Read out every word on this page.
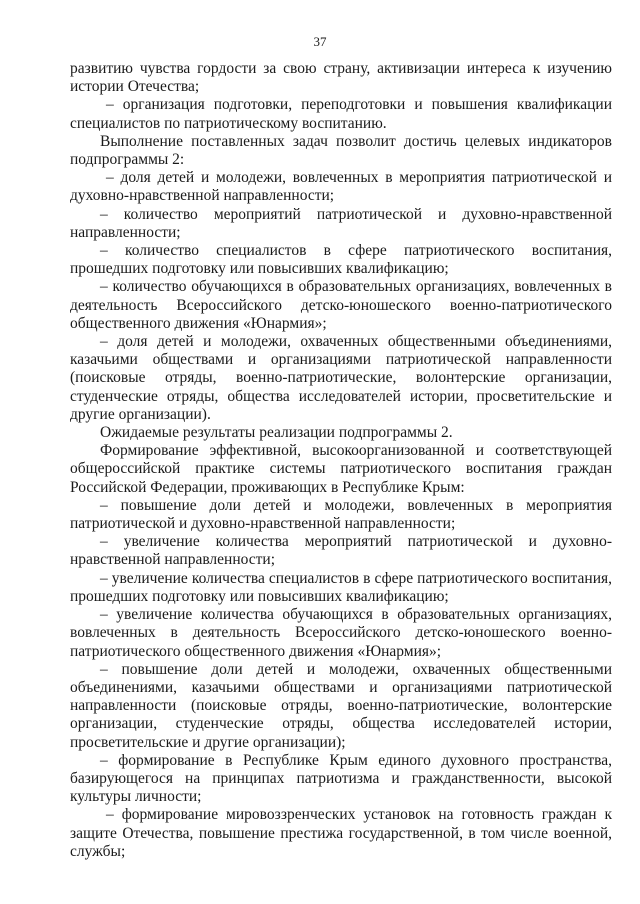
37

развитию чувства гордости за свою страну, активизации интереса к изучению истории Отечества;

– организация подготовки, переподготовки и повышения квалификации специалистов по патриотическому воспитанию.

Выполнение поставленных задач позволит достичь целевых индикаторов подпрограммы 2:

– доля детей и молодежи, вовлеченных в мероприятия патриотической и духовно-нравственной направленности;

– количество мероприятий патриотической и духовно-нравственной направленности;

– количество специалистов в сфере патриотического воспитания, прошедших подготовку или повысивших квалификацию;

– количество обучающихся в образовательных организациях, вовлеченных в деятельность Всероссийского детско-юношеского военно-патриотического общественного движения «Юнармия»;

– доля детей и молодежи, охваченных общественными объединениями, казачьими обществами и организациями патриотической направленности (поисковые отряды, военно-патриотические, волонтерские организации, студенческие отряды, общества исследователей истории, просветительские и другие организации).

Ожидаемые результаты реализации подпрограммы 2.

Формирование эффективной, высокоорганизованной и соответствующей общероссийской практике системы патриотического воспитания граждан Российской Федерации, проживающих в Республике Крым:

– повышение доли детей и молодежи, вовлеченных в мероприятия патриотической и духовно-нравственной направленности;

– увеличение количества мероприятий патриотической и духовно-нравственной направленности;

– увеличение количества специалистов в сфере патриотического воспитания, прошедших подготовку или повысивших квалификацию;

– увеличение количества обучающихся в образовательных организациях, вовлеченных в деятельность Всероссийского детско-юношеского военно-патриотического общественного движения «Юнармия»;

– повышение доли детей и молодежи, охваченных общественными объединениями, казачьими обществами и организациями патриотической направленности (поисковые отряды, военно-патриотические, волонтерские организации, студенческие отряды, общества исследователей истории, просветительские и другие организации);

– формирование в Республике Крым единого духовного пространства, базирующегося на принципах патриотизма и гражданственности, высокой культуры личности;

– формирование мировоззренческих установок на готовность граждан к защите Отечества, повышение престижа государственной, в том числе военной, службы;
